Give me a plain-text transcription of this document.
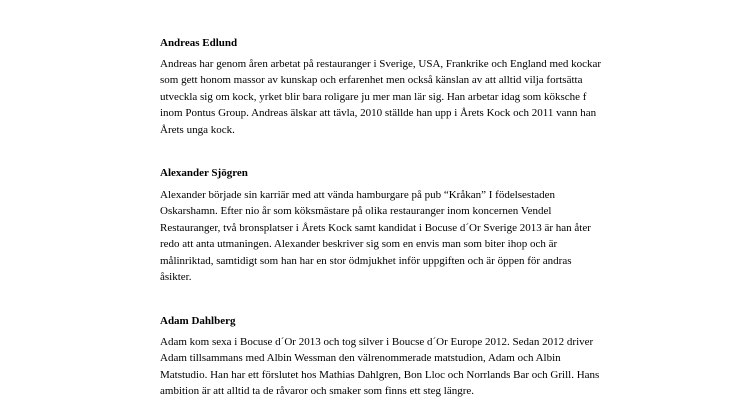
Andreas Edlund
Andreas har genom åren arbetat på restauranger i Sverige, USA, Frankrike och England med kockar
som gett honom massor av kunskap och erfarenhet men också känslan av att alltid vilja fortsätta
utveckla sig om kock, yrket blir bara roligare ju mer man lär sig. Han arbetar idag som köksche f
inom Pontus Group. Andreas älskar att tävla, 2010 ställde han upp i Årets Kock och 2011 vann han
Årets unga kock.
Alexander Sjögren
Alexander började sin karriär med att vända hamburgare på pub “Kråkan” I födelsestaden
Oskarshamn. Efter nio år som köksmästare på olika restauranger inom koncernen Vendel
Restauranger, två bronsplatser i Årets Kock samt kandidat i Bocuse d´Or Sverige 2013 är han åter
redo att anta utmaningen. Alexander beskriver sig som en envis man som biter ihop och är
målinriktad, samtidigt som han har en stor ödmjukhet inför uppgiften och är öppen för andras
åsikter.
Adam Dahlberg
Adam kom sexa i Bocuse d´Or 2013 och tog silver i Boucse d´Or Europe 2012. Sedan 2012 driver
Adam tillsammans med Albin Wessman den välrenommerade matstudion, Adam och Albin
Matstudio. Han har ett förslutet hos Mathias Dahlgren, Bon Lloc och Norrlands Bar och Grill. Hans
ambition är att alltid ta de råvaror och smaker som finns ett steg längre.
